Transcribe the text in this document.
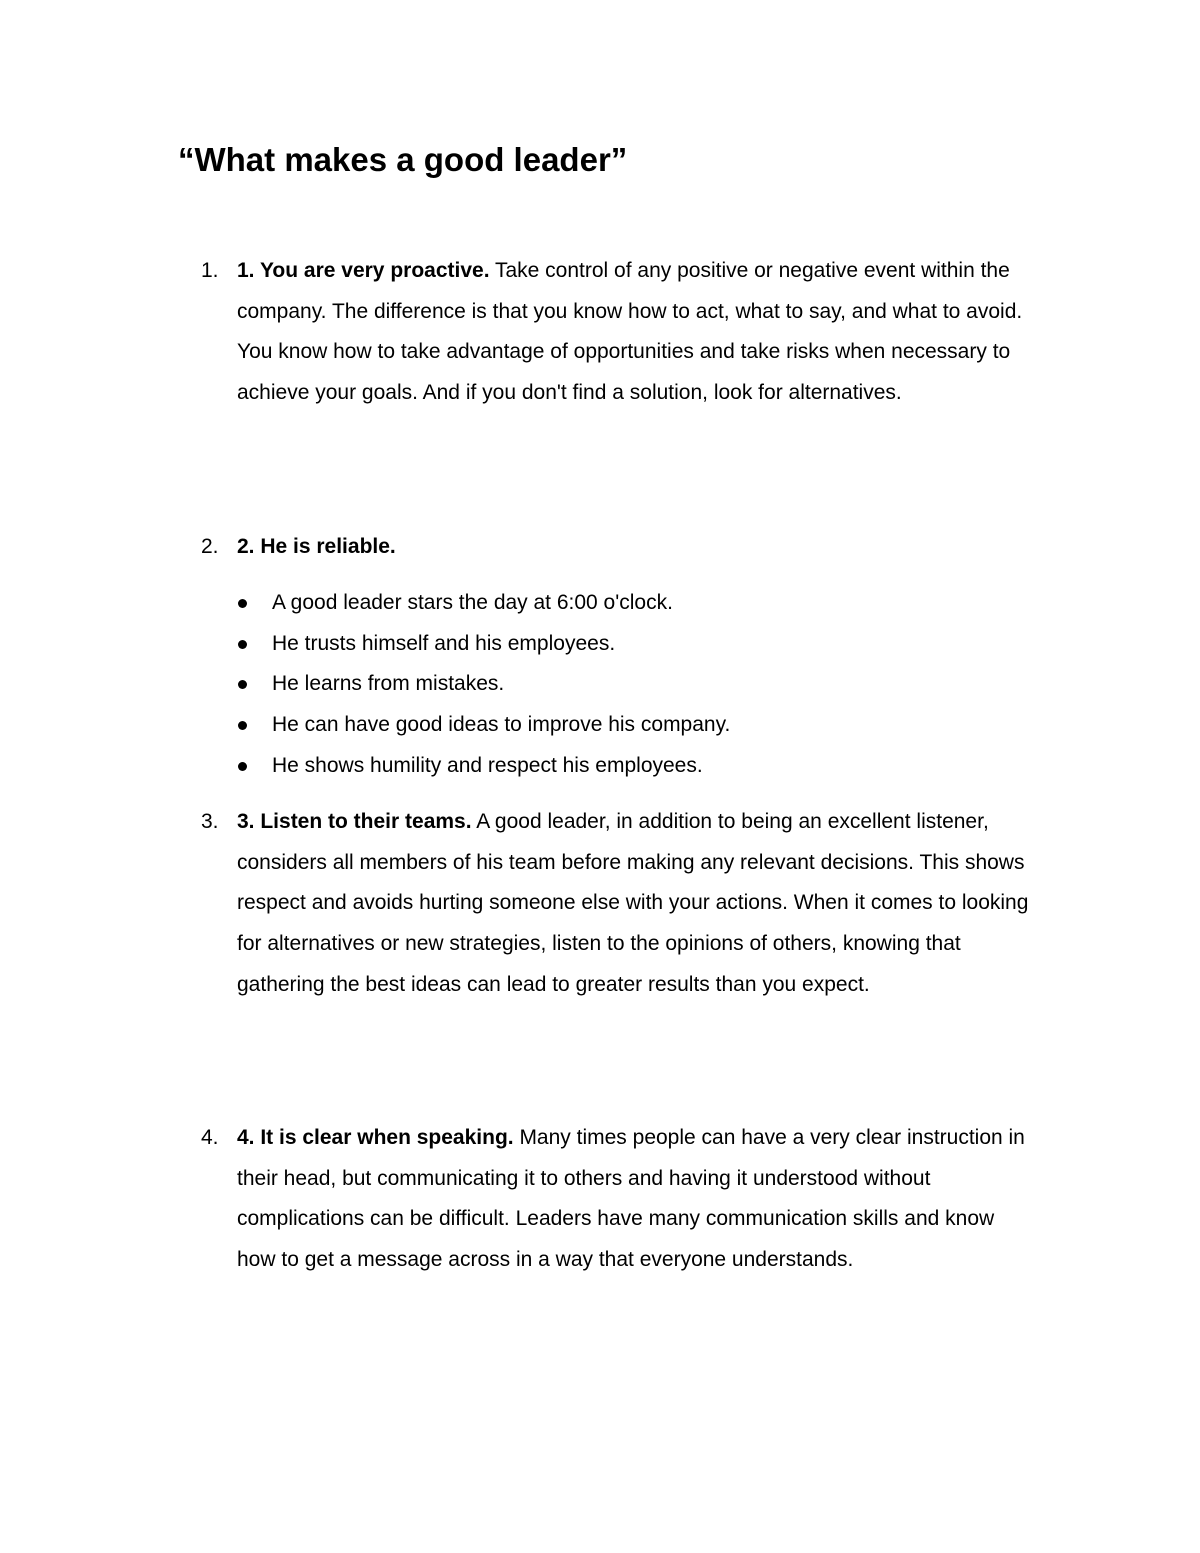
“What makes a good leader”
1. 1. You are very proactive. Take control of any positive or negative event within the company. The difference is that you know how to act, what to say, and what to avoid. You know how to take advantage of opportunities and take risks when necessary to achieve your goals. And if you don't find a solution, look for alternatives.

2. 2. He is reliable.

A good leader stars the day at 6:00 o'clock.
He trusts himself and his employees.
He learns from mistakes.
He can have good ideas to improve his company.
He shows humility and respect his employees.
3. 3. Listen to their teams. A good leader, in addition to being an excellent listener, considers all members of his team before making any relevant decisions. This shows respect and avoids hurting someone else with your actions. When it comes to looking for alternatives or new strategies, listen to the opinions of others, knowing that gathering the best ideas can lead to greater results than you expect.

4. 4. It is clear when speaking. Many times people can have a very clear instruction in their head, but communicating it to others and having it understood without complications can be difficult. Leaders have many communication skills and know how to get a message across in a way that everyone understands.
